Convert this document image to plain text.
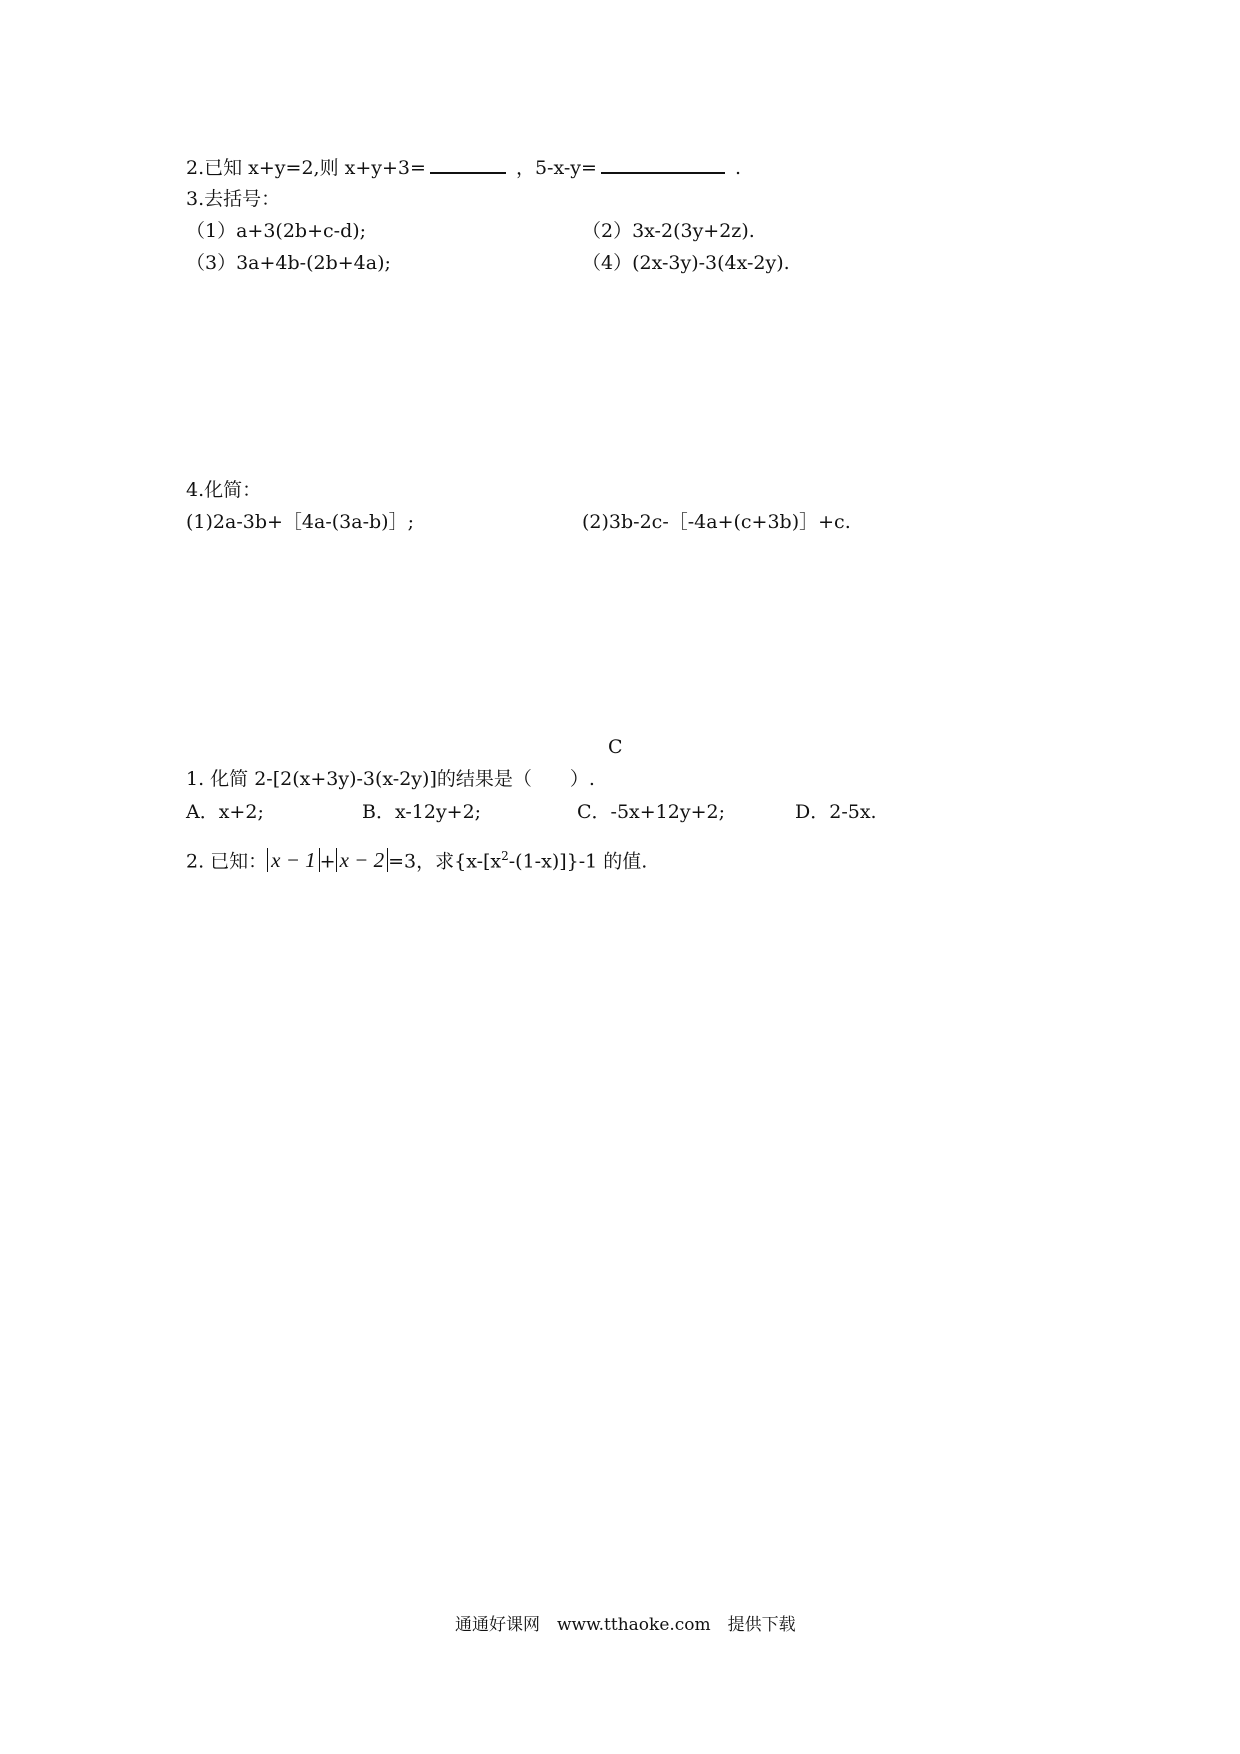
2.已知 x+y=2,则 x+y+3=	，5-x-y=	.
3.去括号：
（1）a+3(2b+c-d);	（2）3x-2(3y+2z).
（3）3a+4b-(2b+4a);	（4）(2x-3y)-3(4x-2y).
4.化简：
(1)2a-3b+［4a-(3a-b)］;	(2)3b-2c-［-4a+(c+3b)］+c.
C
1. 化简 2-[2(x+3y)-3(x-2y)]的结果是（　　）.
A．x+2;	B．x-12y+2;	C．-5x+12y+2;	D．2-5x.
2. 已知： x − 1 + x − 2 =3，求$\{x-[x^2-(1-x)]\}-1$ 的值.
通通好课网　www.tthaoke.com　提供下载
